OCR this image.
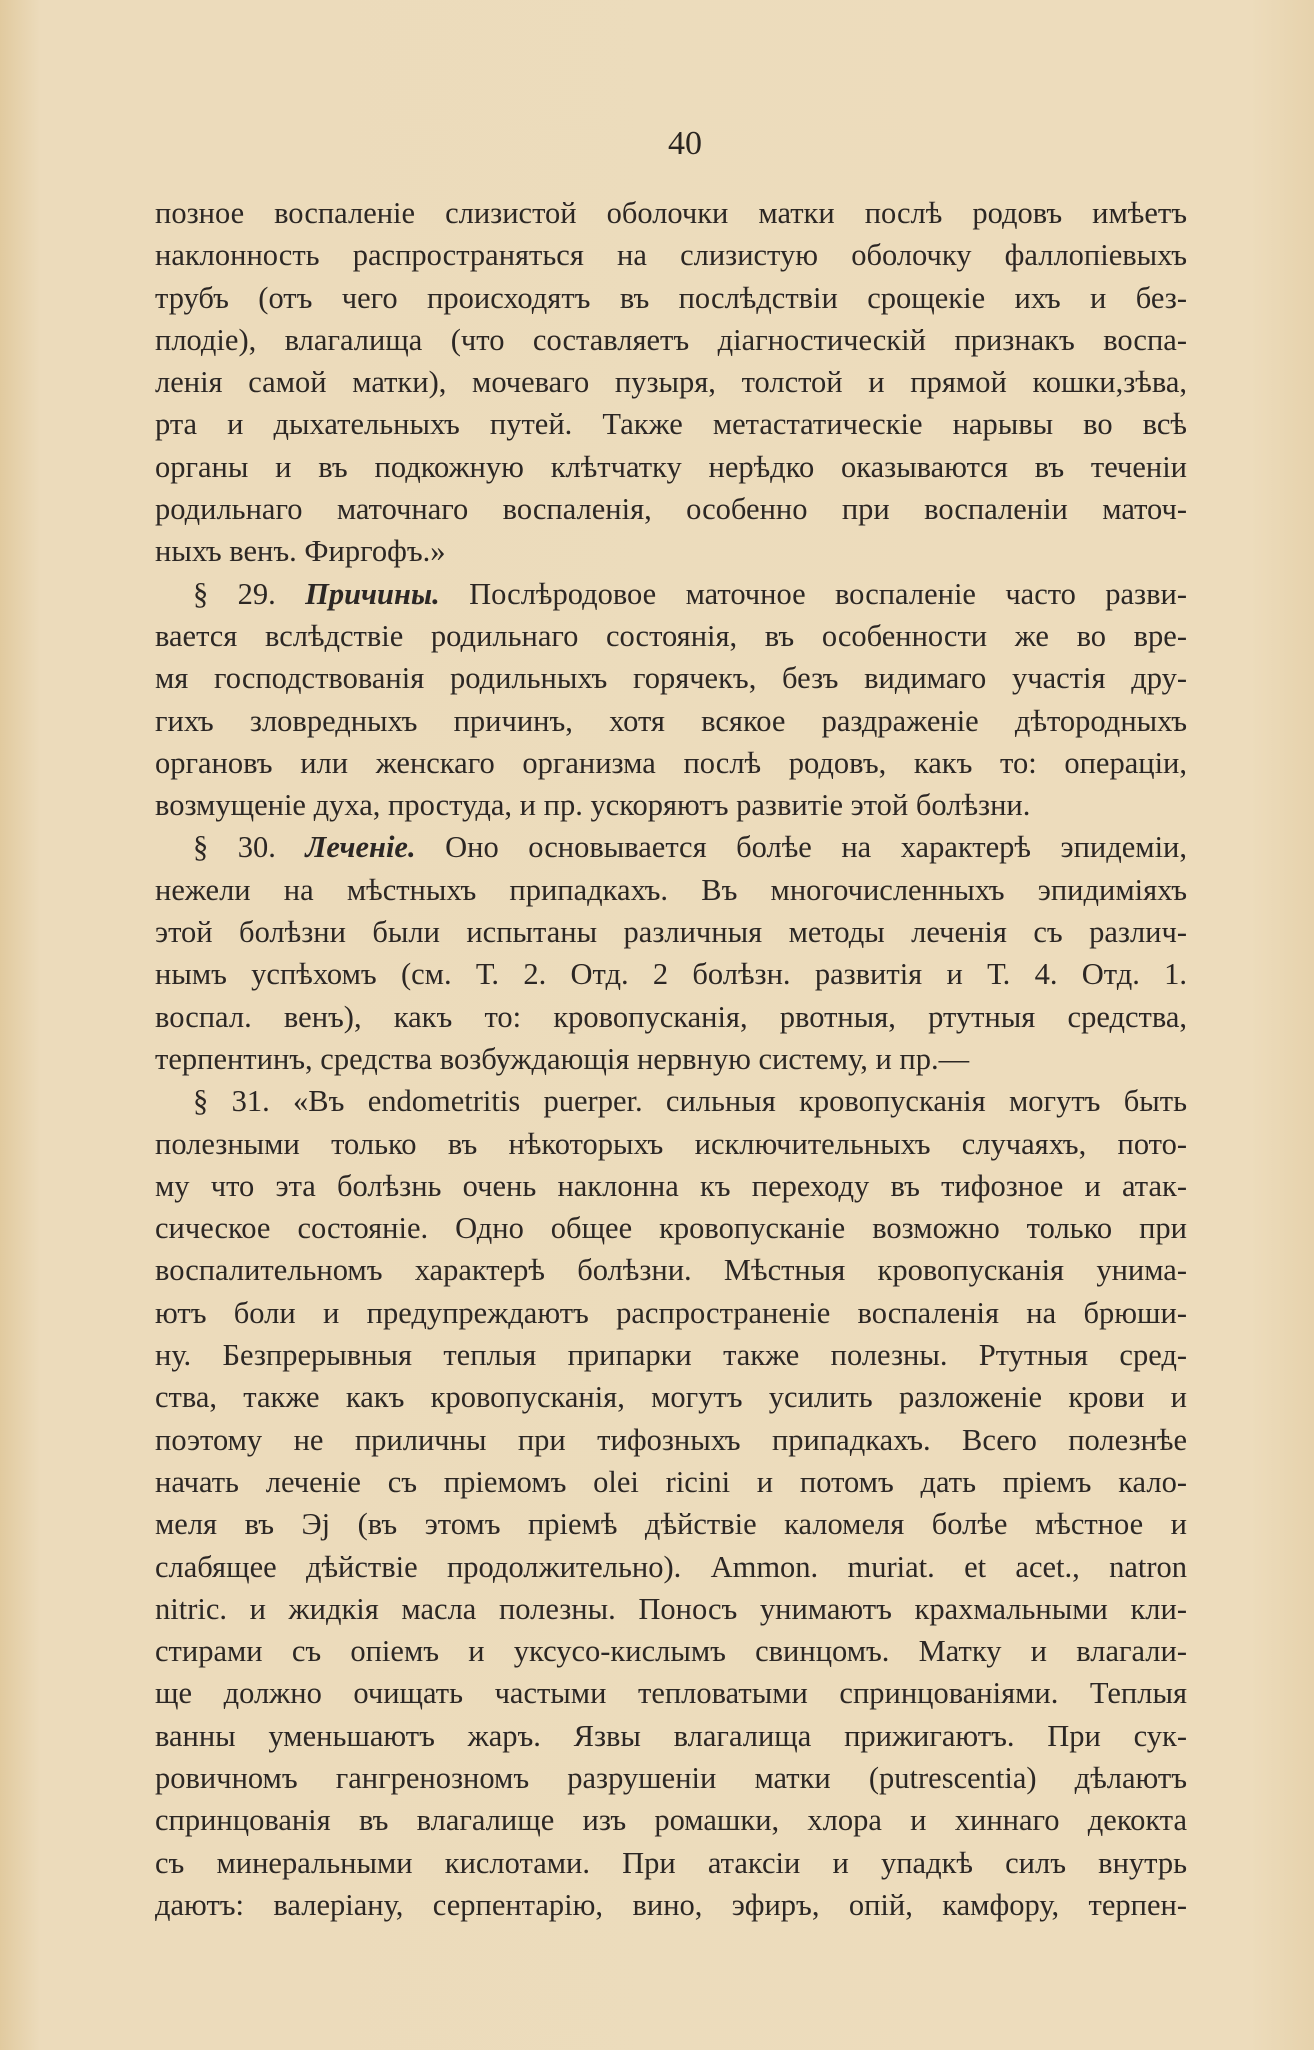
40
позное воспаленіе слизистой оболочки матки послѣ родовъ имѣетъ
наклонность распространяться на слизистую оболочку фаллопіевыхъ
трубъ (отъ чего происходятъ въ послѣдствіи срощекіе ихъ и без-
плодіе), влагалища (что составляетъ діагностическій признакъ воспа-
ленія самой матки), мочеваго пузыря, толстой и прямой кошки,зѣва,
рта и дыхательныхъ путей. Также метастатическіе нарывы во всѣ
органы и въ подкожную клѣтчатку нерѣдко оказываются въ теченіи
родильнаго маточнаго воспаленія, особенно при воспаленіи маточ-
ныхъ венъ. Фиргофъ.»
§ 29. Причины. Послѣродовое маточное воспаленіе часто разви-
вается вслѣдствіе родильнаго состоянія, въ особенности же во вре-
мя господствованія родильныхъ горячекъ, безъ видимаго участія дру-
гихъ зловредныхъ причинъ, хотя всякое раздраженіе дѣтородныхъ
органовъ или женскаго организма послѣ родовъ, какъ то: операціи,
возмущеніе духа, простуда, и пр. ускоряютъ развитіе этой болѣзни.
§ 30. Леченіе. Оно основывается болѣе на характерѣ эпидеміи,
нежели на мѣстныхъ припадкахъ. Въ многочисленныхъ эпидиміяхъ
этой болѣзни были испытаны различныя методы леченія съ различ-
нымъ успѣхомъ (см. Т. 2. Отд. 2 болѣзн. развитія и Т. 4. Отд. 1.
воспал. венъ), какъ то: кровопусканія, рвотныя, ртутныя средства,
терпентинъ, средства возбуждающія нервную систему, и пр.—
§ 31. «Въ endometritis puerper. сильныя кровопусканія могутъ быть
полезными только въ нѣкоторыхъ исключительныхъ случаяхъ, пото-
му что эта болѣзнь очень наклонна къ переходу въ тифозное и атак-
сическое состояніе. Одно общее кровопусканіе возможно только при
воспалительномъ характерѣ болѣзни. Мѣстныя кровопусканія унима-
ютъ боли и предупреждаютъ распространеніе воспаленія на брюши-
ну. Безпрерывныя теплыя припарки также полезны. Ртутныя сред-
ства, также какъ кровопусканія, могутъ усилить разложеніе крови и
поэтому не приличны при тифозныхъ припадкахъ. Всего полезнѣе
начать леченіе съ пріемомъ olei ricini и потомъ дать пріемъ кало-
меля въ Эj (въ этомъ пріемѣ дѣйствіе каломеля болѣе мѣстное и
слабящее дѣйствіе продолжительно). Ammon. muriat. et acet., natron
nitric. и жидкія масла полезны. Поносъ унимаютъ крахмальными кли-
стирами съ опіемъ и уксусо-кислымъ свинцомъ. Матку и влагали-
ще должно очищать частыми тепловатыми спринцованіями. Теплыя
ванны уменьшаютъ жаръ. Язвы влагалища прижигаютъ. При сук-
ровичномъ гангренозномъ разрушеніи матки (putrescentia) дѣлаютъ
спринцованія въ влагалище изъ ромашки, хлора и хиннаго декокта
съ минеральными кислотами. При атаксіи и упадкѣ силъ внутрь
даютъ: валеріану, серпентарію, вино, эфиръ, опій, камфору, терпен-
